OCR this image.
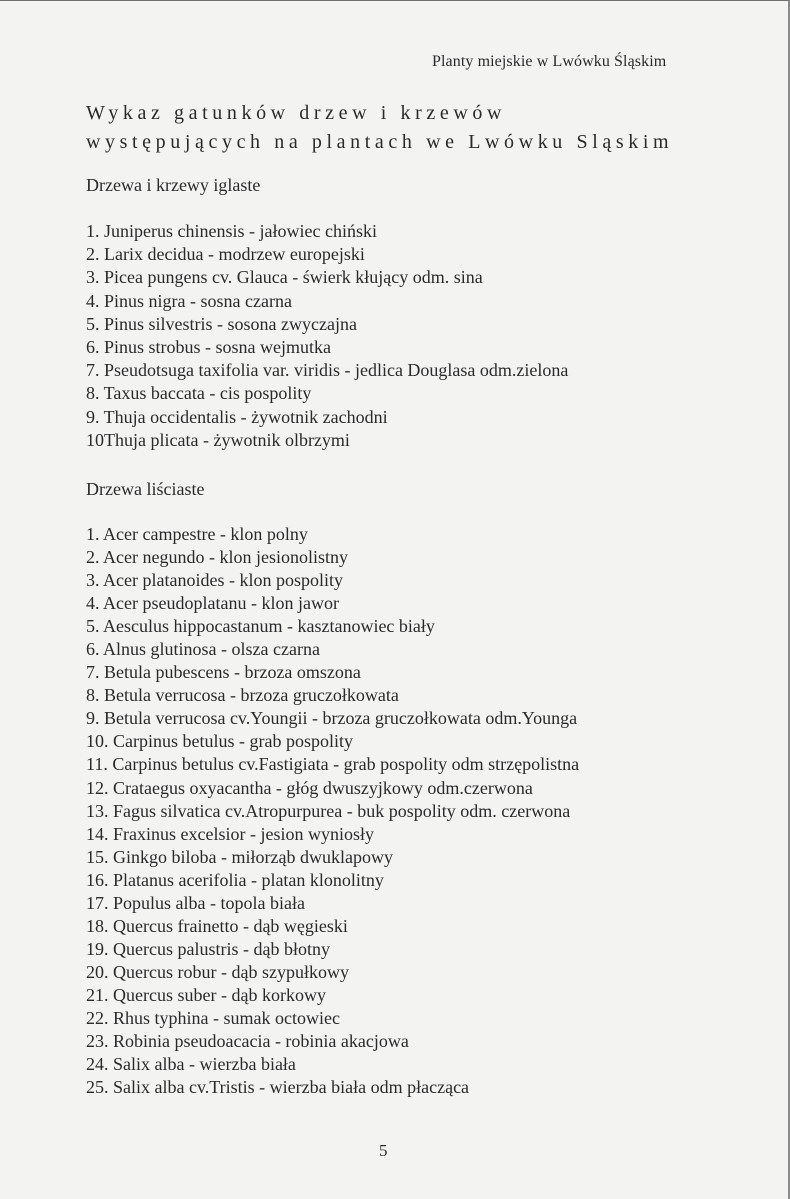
Planty miejskie w Lwówku Śląskim
Wykaz gatunków drzew i krzewów
występujących na plantach we Lwówku Sląskim
Drzewa i krzewy iglaste
1. Juniperus chinensis - jałowiec chiński
2. Larix decidua - modrzew europejski
3. Picea pungens cv. Glauca - świerk kłujący odm. sina
4. Pinus nigra - sosna czarna
5. Pinus silvestris - sosona zwyczajna
6. Pinus strobus - sosna wejmutka
7. Pseudotsuga taxifolia var. viridis - jedlica Douglasa odm.zielona
8. Taxus baccata - cis pospolity
9. Thuja occidentalis - żywotnik zachodni
10Thuja plicata - żywotnik olbrzymi
Drzewa liściaste
1. Acer campestre - klon polny
2. Acer negundo - klon jesionolistny
3. Acer platanoides - klon pospolity
4. Acer pseudoplatanu - klon jawor
5. Aesculus hippocastanum - kasztanowiec biały
6. Alnus glutinosa - olsza czarna
7. Betula pubescens - brzoza omszona
8. Betula verrucosa - brzoza gruczołkowata
9. Betula verrucosa cv.Youngii - brzoza gruczołkowata odm.Younga
10. Carpinus betulus - grab pospolity
11. Carpinus betulus cv.Fastigiata - grab pospolity odm strzępolistna
12. Crataegus oxyacantha - głóg dwuszyjkowy odm.czerwona
13. Fagus silvatica cv.Atropurpurea - buk pospolity odm. czerwona
14. Fraxinus excelsior - jesion wyniosły
15. Ginkgo biloba - miłorząb dwuklapowy
16. Platanus acerifolia - platan klonolitny
17. Populus alba - topola biała
18. Quercus frainetto - dąb węgieski
19. Quercus palustris - dąb błotny
20. Quercus robur - dąb szypułkowy
21. Quercus suber - dąb korkowy
22. Rhus typhina - sumak octowiec
23. Robinia pseudoacacia - robinia akacjowa
24. Salix alba - wierzba biała
25. Salix alba cv.Tristis - wierzba biała odm płacząca
5
